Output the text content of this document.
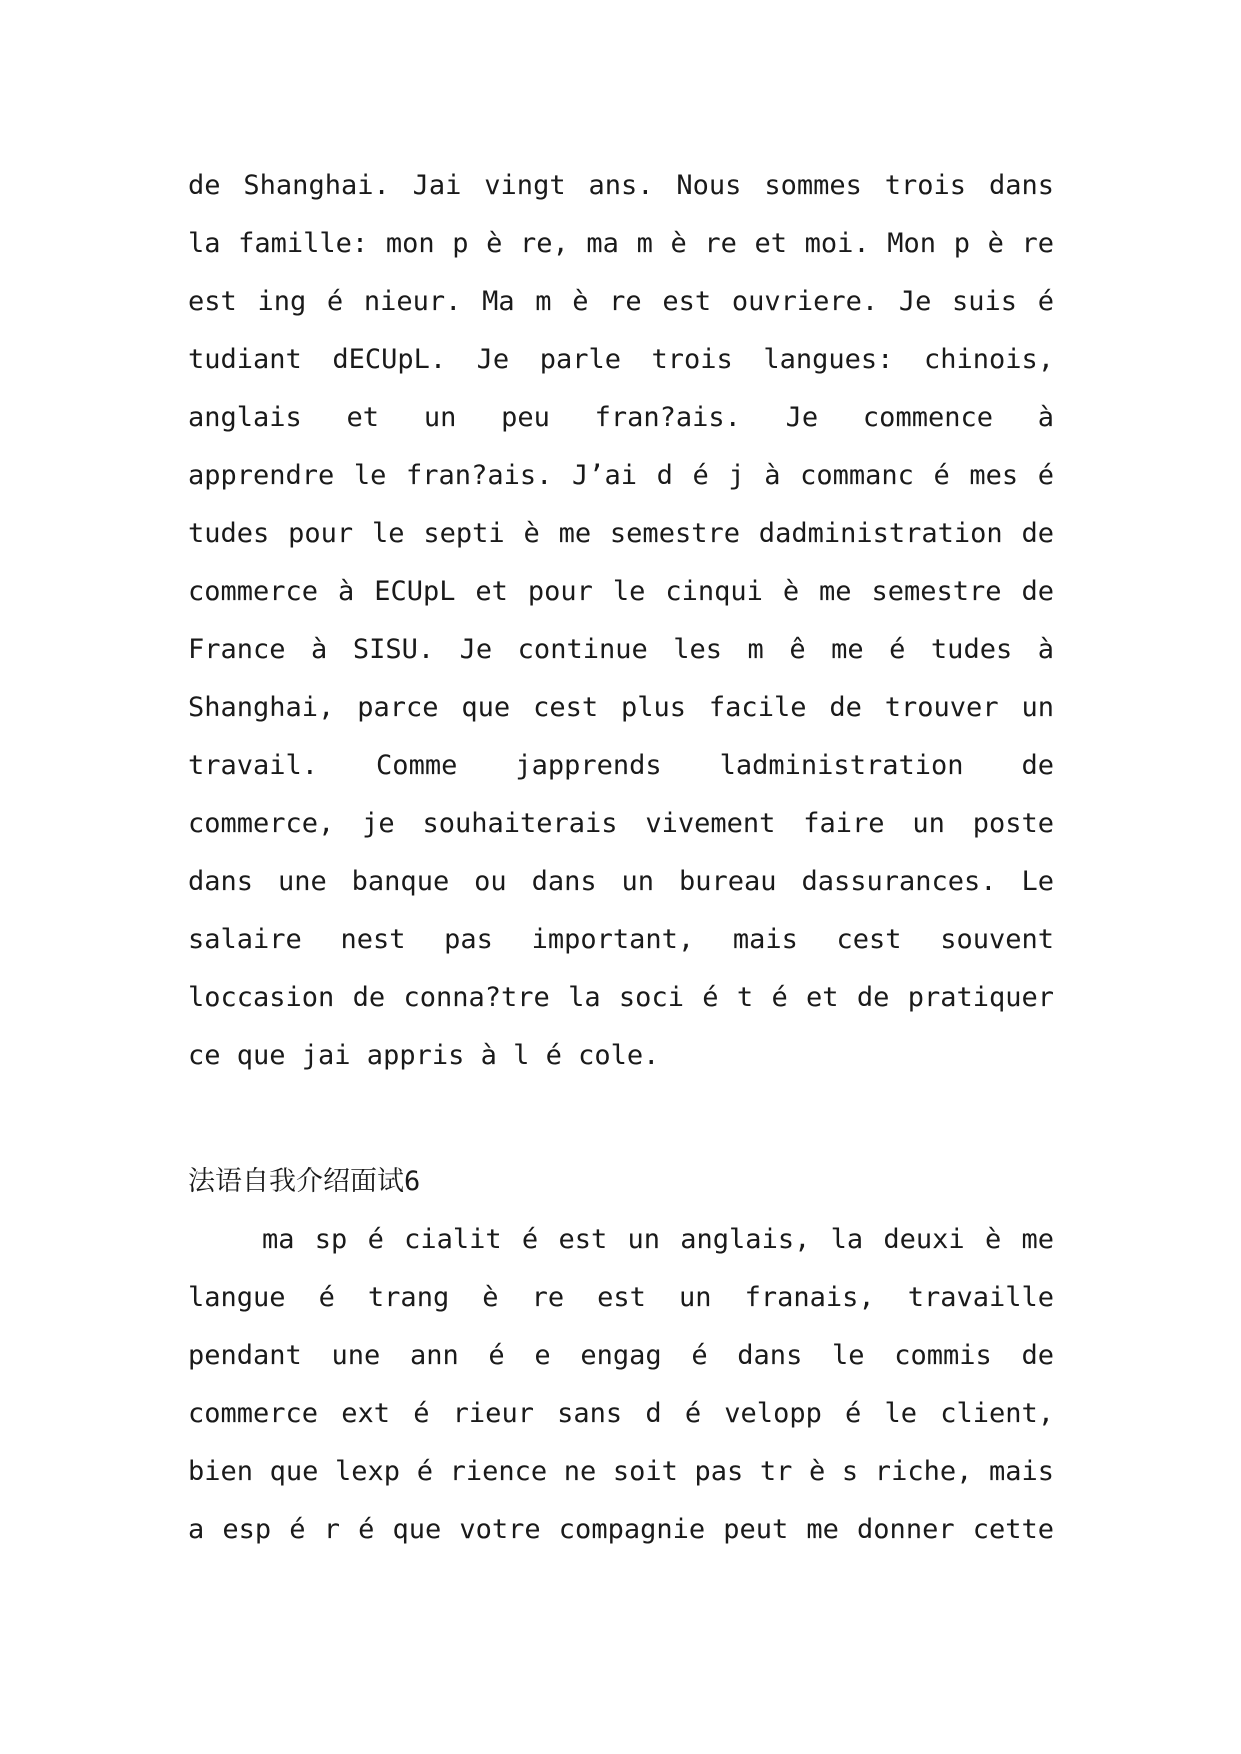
de Shanghai. Jai vingt ans. Nous sommes trois dans
la famille: mon p è re, ma m è re et moi. Mon p è re
est ing é nieur. Ma m è re est ouvriere. Je suis é
tudiant dECUpL. Je parle trois langues: chinois,
anglais et un peu fran?ais. Je commence à
apprendre le fran?ais. J’ai d é j à commanc é mes é
tudes pour le septi è me semestre dadministration de
commerce à ECUpL et pour le cinqui è me semestre de
France à SISU. Je continue les m ê me é tudes à
Shanghai, parce que cest plus facile de trouver un
travail. Comme japprends ladministration de
commerce, je souhaiterais vivement faire un poste
dans une banque ou dans un bureau dassurances. Le
salaire nest pas important, mais cest souvent
loccasion de conna?tre la soci é t é et de pratiquer
ce que jai appris à l é cole.
法语自我介绍面试6
ma sp é cialit é est un anglais, la deuxi è me
langue é trang è re est un franais, travaille
pendant une ann é e engag é dans le commis de
commerce ext é rieur sans d é velopp é le client,
bien que lexp é rience ne soit pas tr è s riche, mais
a esp é r é que votre compagnie peut me donner cette
